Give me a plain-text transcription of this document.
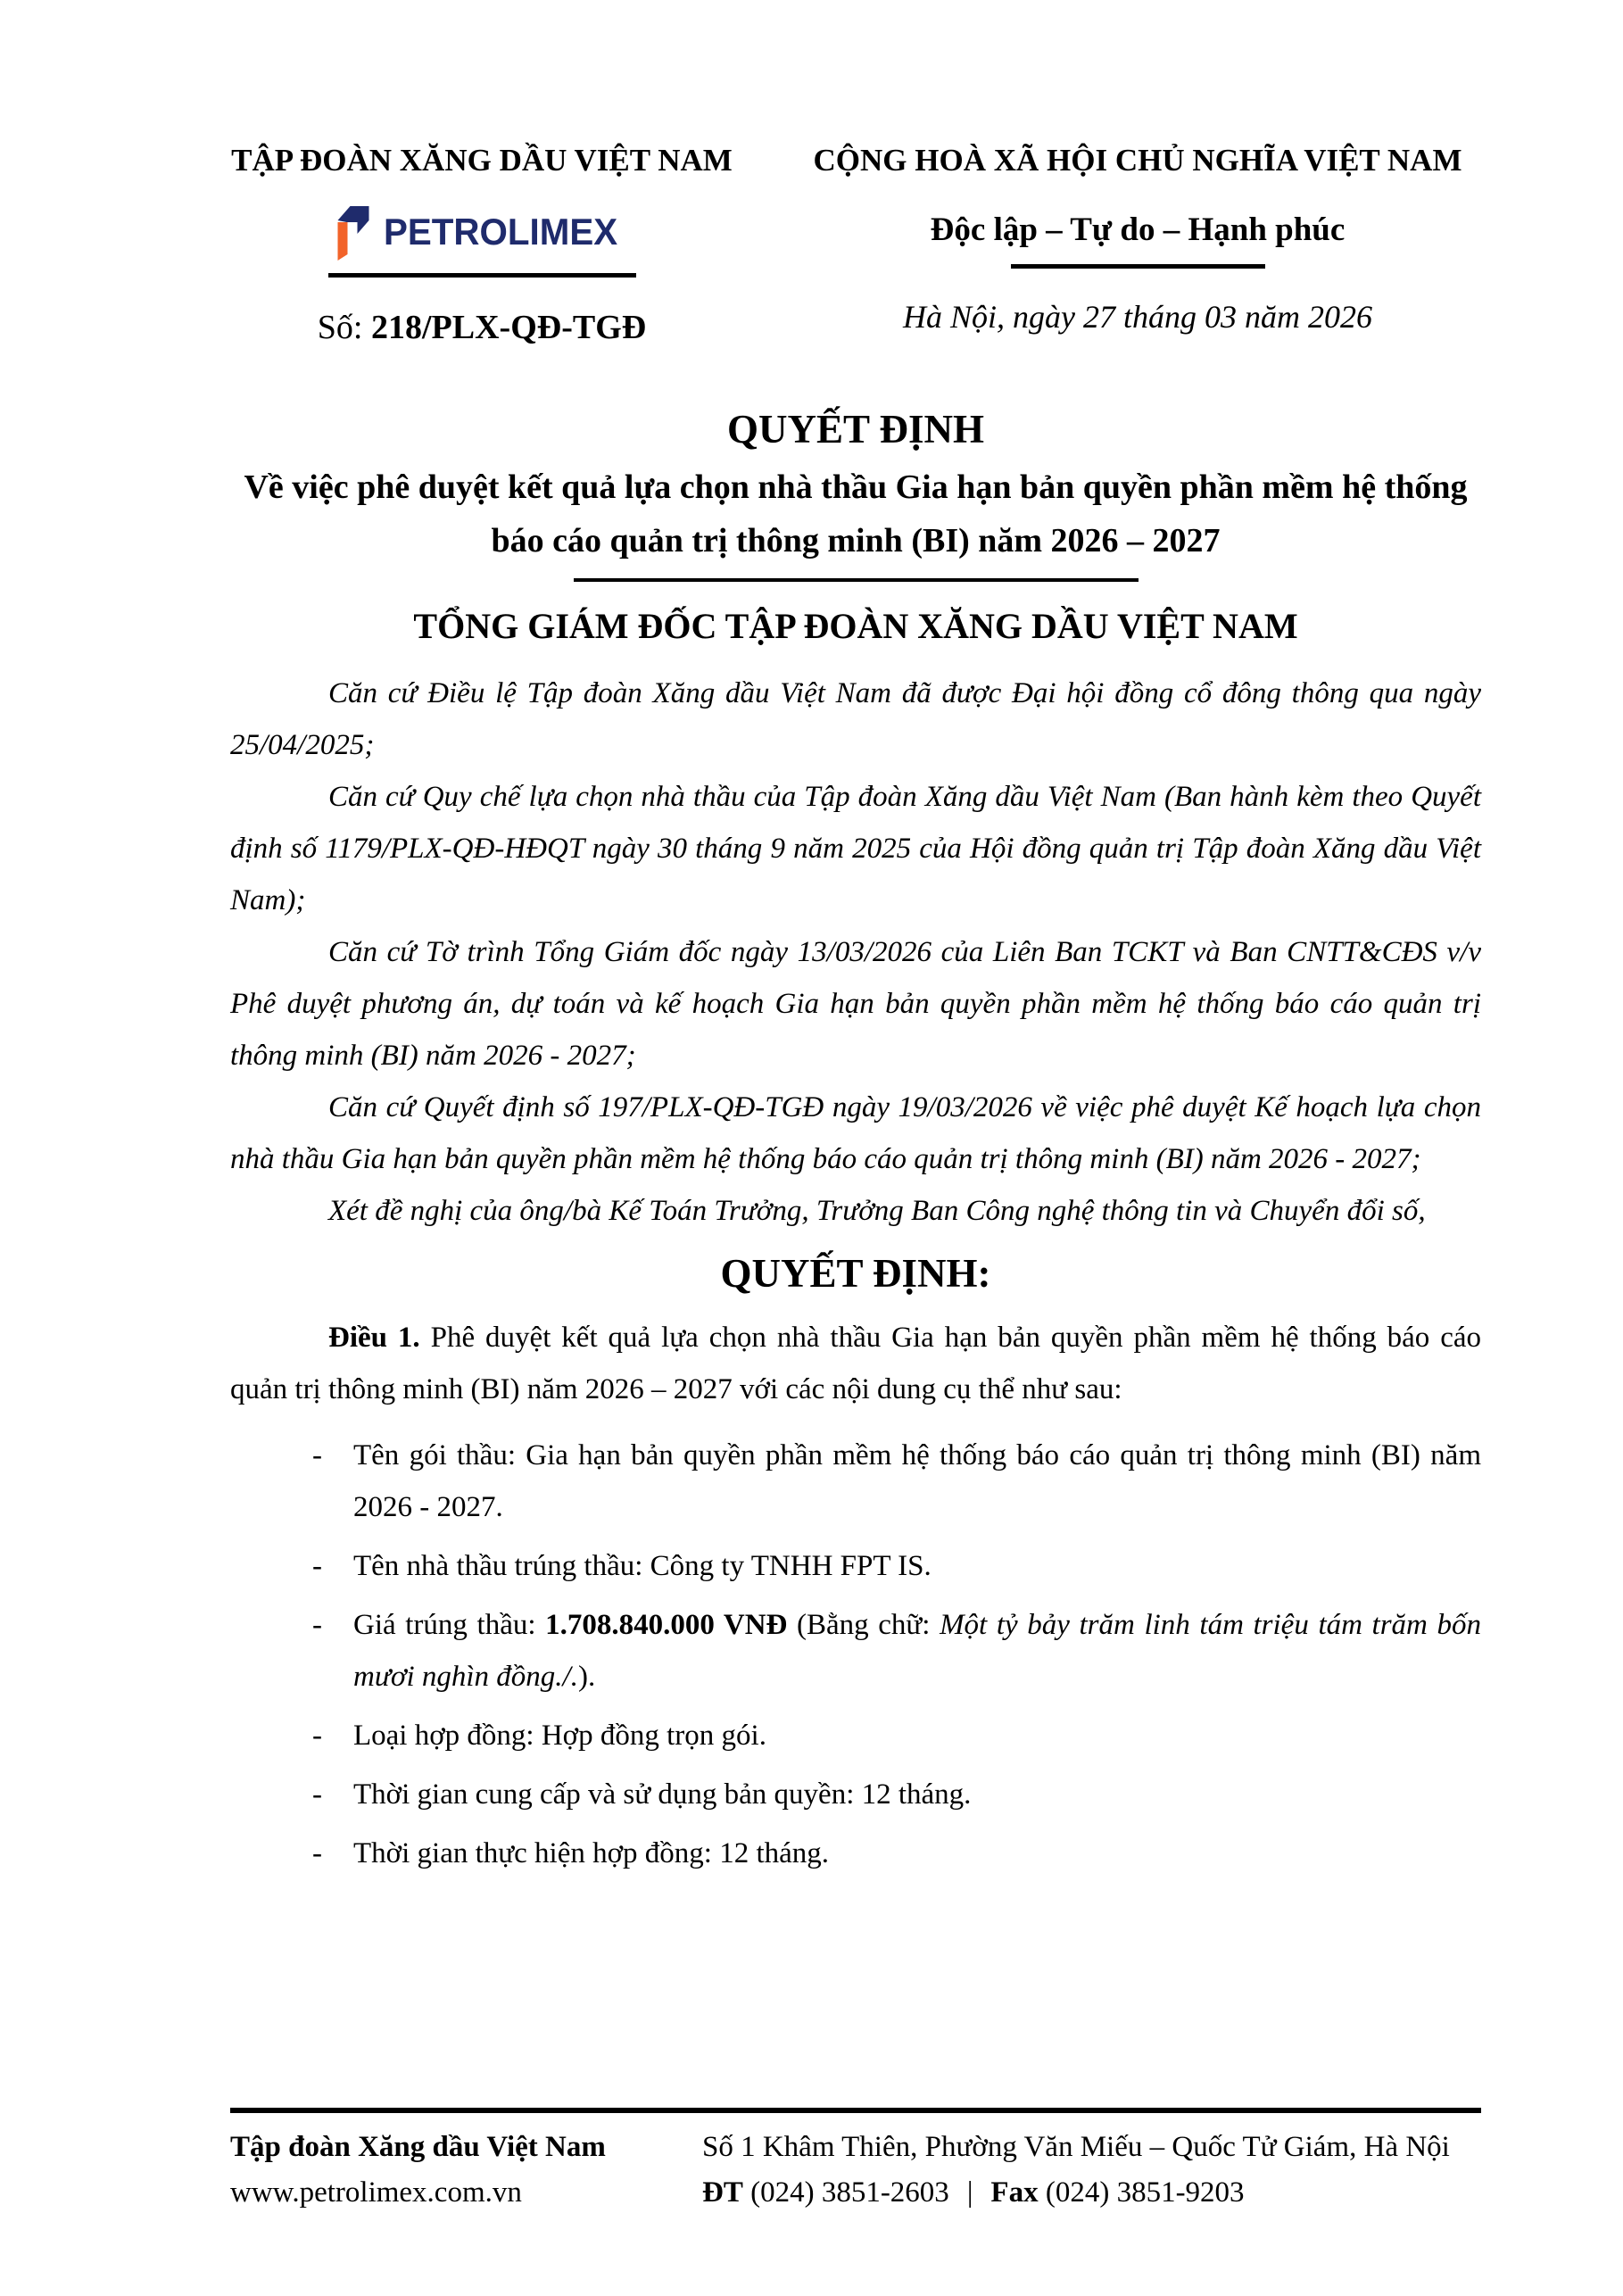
TẬP ĐOÀN XĂNG DẦU VIỆT NAM
PETROLIMEX
Số: 218/PLX-QĐ-TGĐ
CỘNG HOÀ XÃ HỘI CHỦ NGHĨA VIỆT NAM
Độc lập – Tự do – Hạnh phúc
Hà Nội, ngày 27 tháng 03 năm 2026
QUYẾT ĐỊNH
Về việc phê duyệt kết quả lựa chọn nhà thầu Gia hạn bản quyền phần mềm hệ thống báo cáo quản trị thông minh (BI) năm 2026 – 2027
TỔNG GIÁM ĐỐC TẬP ĐOÀN XĂNG DẦU VIỆT NAM

Căn cứ Điều lệ Tập đoàn Xăng dầu Việt Nam đã được Đại hội đồng cổ đông thông qua ngày 25/04/2025;

Căn cứ Quy chế lựa chọn nhà thầu của Tập đoàn Xăng dầu Việt Nam (Ban hành kèm theo Quyết định số 1179/PLX-QĐ-HĐQT ngày 30 tháng 9 năm 2025 của Hội đồng quản trị Tập đoàn Xăng dầu Việt Nam);

Căn cứ Tờ trình Tổng Giám đốc ngày 13/03/2026 của Liên Ban TCKT và Ban CNTT&CĐS v/v Phê duyệt phương án, dự toán và kế hoạch Gia hạn bản quyền phần mềm hệ thống báo cáo quản trị thông minh (BI) năm 2026 - 2027;

Căn cứ Quyết định số 197/PLX-QĐ-TGĐ ngày 19/03/2026 về việc phê duyệt Kế hoạch lựa chọn nhà thầu Gia hạn bản quyền phần mềm hệ thống báo cáo quản trị thông minh (BI) năm 2026 - 2027;

Xét đề nghị của ông/bà Kế Toán Trưởng, Trưởng Ban Công nghệ thông tin và Chuyển đổi số,

QUYẾT ĐỊNH:
Điều 1. Phê duyệt kết quả lựa chọn nhà thầu Gia hạn bản quyền phần mềm hệ thống báo cáo quản trị thông minh (BI) năm 2026 – 2027 với các nội dung cụ thể như sau:
- Tên gói thầu: Gia hạn bản quyền phần mềm hệ thống báo cáo quản trị thông minh (BI) năm 2026 - 2027.
- Tên nhà thầu trúng thầu: Công ty TNHH FPT IS.
- Giá trúng thầu: 1.708.840.000 VNĐ (Bằng chữ: Một tỷ bảy trăm linh tám triệu tám trăm bốn mươi nghìn đồng./.).
- Loại hợp đồng: Hợp đồng trọn gói.
- Thời gian cung cấp và sử dụng bản quyền: 12 tháng.
- Thời gian thực hiện hợp đồng: 12 tháng.
Tập đoàn Xăng dầu Việt Nam
www.petrolimex.com.vn
Số 1 Khâm Thiên, Phường Văn Miếu – Quốc Tử Giám, Hà Nội
ĐT (024) 3851-2603 | Fax (024) 3851-9203
